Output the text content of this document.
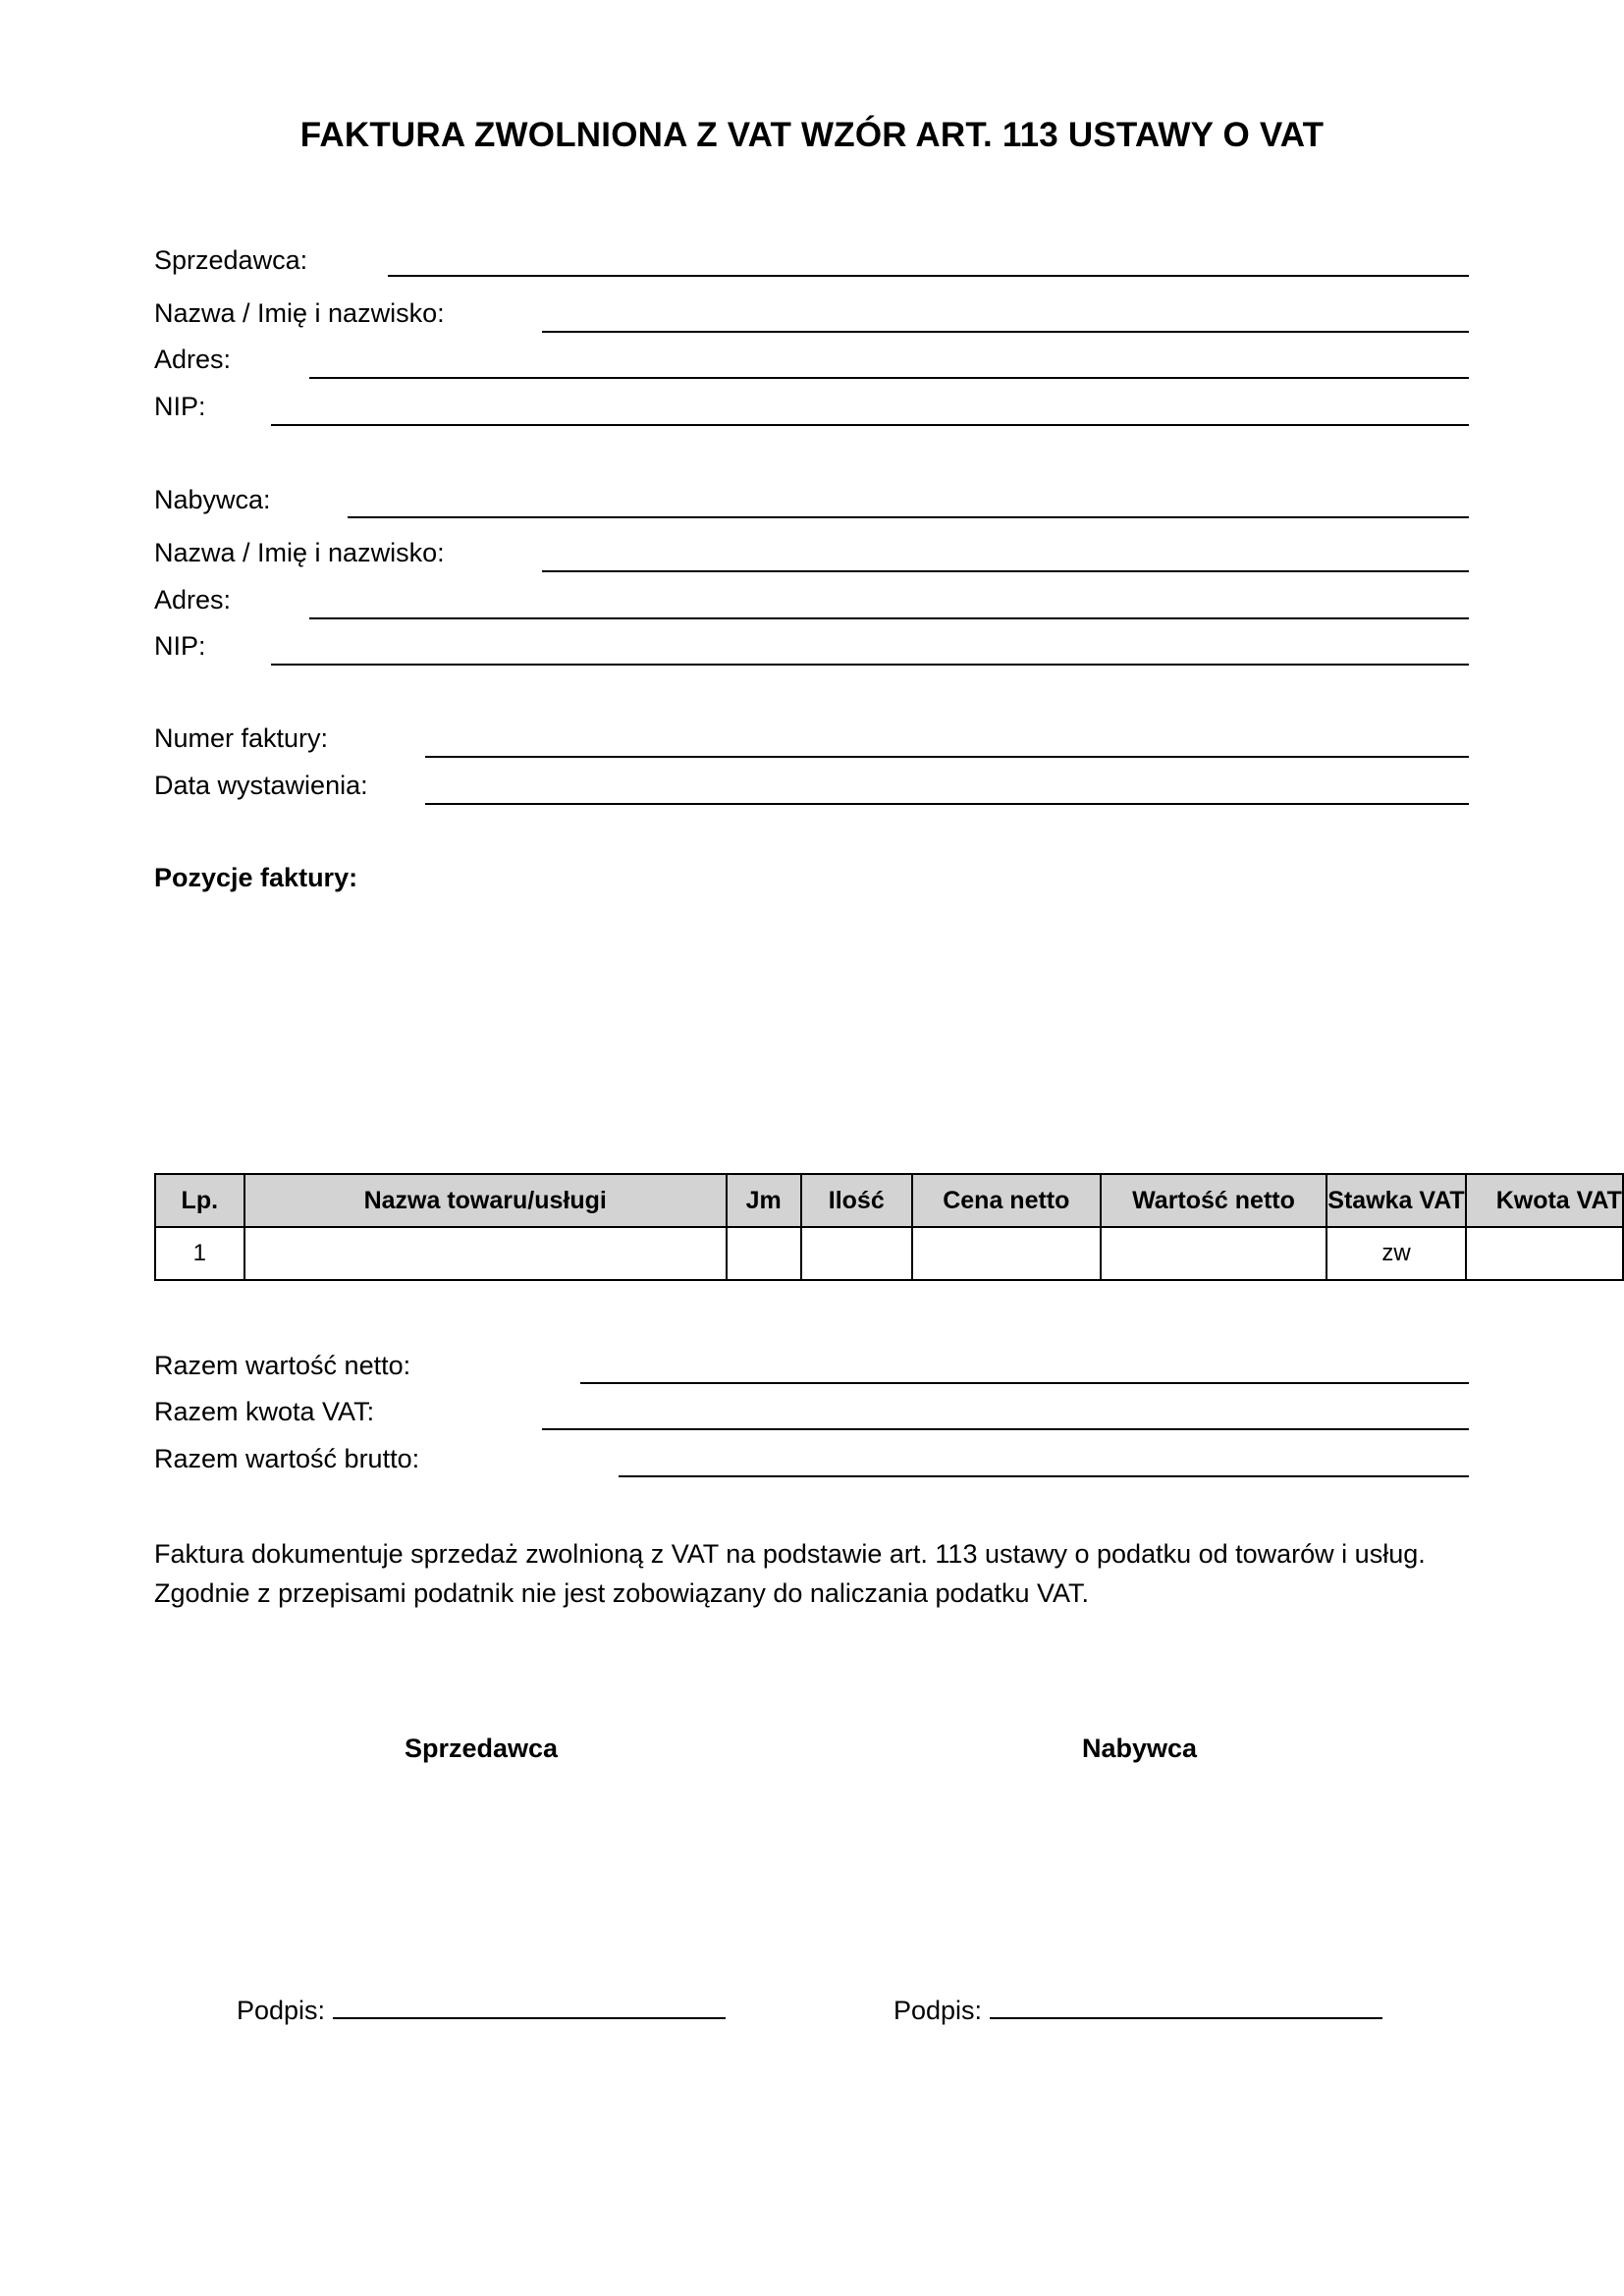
FAKTURA ZWOLNIONA Z VAT WZÓR ART. 113 USTAWY O VAT
Sprzedawca:
Nazwa / Imię i nazwisko:
Adres:
NIP:
Nabywca:
Nazwa / Imię i nazwisko:
Adres:
NIP:
Numer faktury:
Data wystawienia:
Pozycje faktury:
Lp.	Nazwa towaru/usługi	Jm	Ilość	Cena netto	Wartość netto	Stawka VAT	Kwota VAT
1						zw	
Razem wartość netto:
Razem kwota VAT:
Razem wartość brutto:
Faktura dokumentuje sprzedaż zwolnioną z VAT na podstawie art. 113 ustawy o podatku od towarów i usług. Zgodnie z przepisami podatnik nie jest zobowiązany do naliczania podatku VAT.
Sprzedawca	Nabywca
Podpis:	Podpis:
